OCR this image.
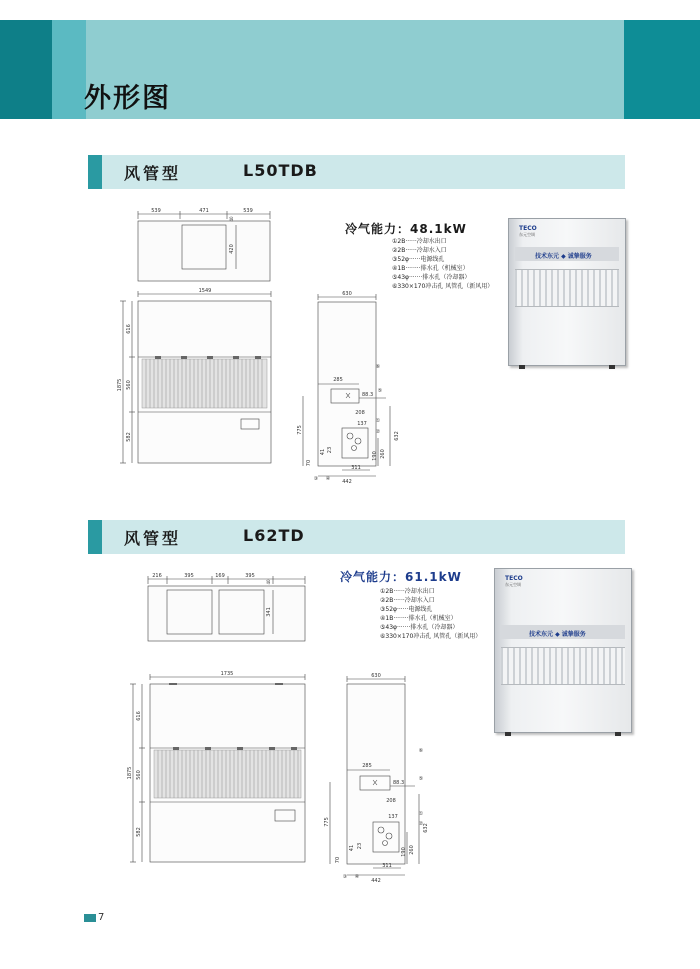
外形图
风管型	L50TDB
539	471	539
420
40
1549
1875
616
560
582
630
285
88.3
208
137
775
632
260
190
70
41 23
311
442
⑥
⑤
①
②
③ ④
冷气能力：48.1kW
①2B······冷却水出口
②2B······冷却水入口
③52φ······电源线孔
④1B········排水孔（机械室）
⑤43φ·······排水孔（冷却器）
⑥330×170冲击孔 风管孔（新风用）
TECO
东元空调
技术东元 ◆ 诚挚服务
风管型	L62TD
216	395	169	395
341
40
1735
1875
616
560
582
630
285
88.3
208
137
775
632
260
190
70
41 23
311
442
⑥
⑤
①
②
③ ④
冷气能力：61.1kW
①2B······冷却水出口
②2B······冷却水入口
③52φ······电源线孔
④1B········排水孔（机械室）
⑤43φ·······排水孔（冷却器）
⑥330×170冲击孔 风管孔（新风用）
TECO
东元空调
技术东元 ◆ 诚挚服务
7
